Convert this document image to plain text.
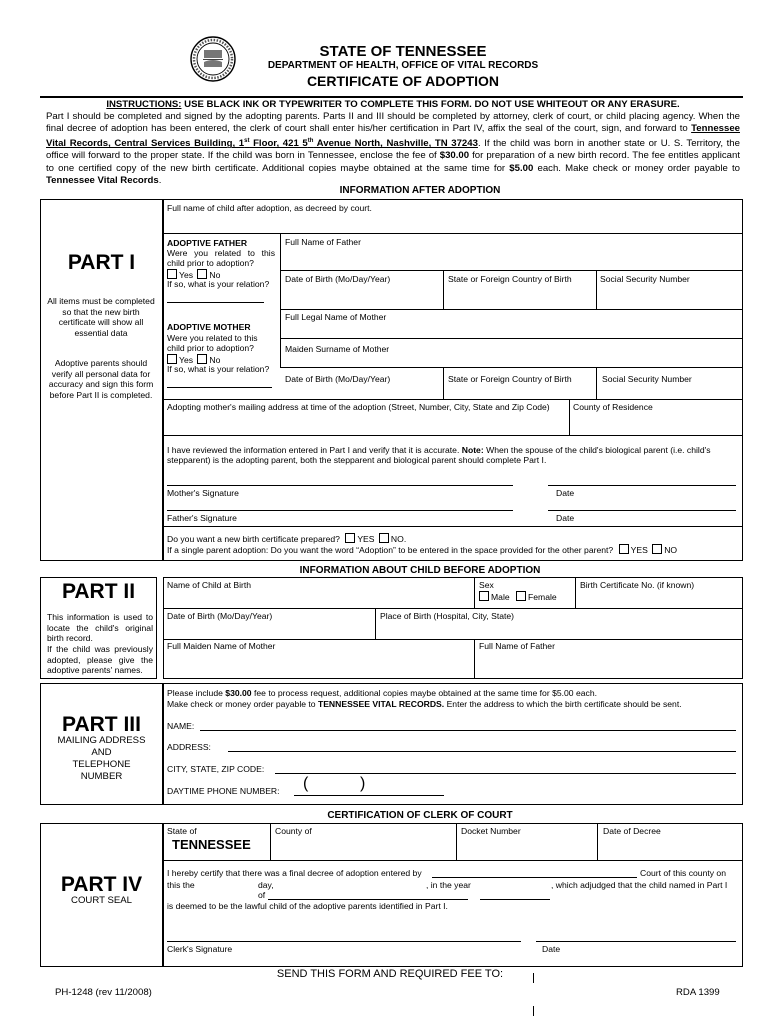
STATE OF TENNESSEE
DEPARTMENT OF HEALTH, OFFICE OF VITAL RECORDS
CERTIFICATE OF ADOPTION
INSTRUCTIONS: USE BLACK INK OR TYPEWRITER TO COMPLETE THIS FORM. DO NOT USE WHITEOUT OR ANY ERASURE.
Part I should be completed and signed by the adopting parents. Parts II and III should be completed by attorney, clerk of court, or child placing agency. When the final decree of adoption has been entered, the clerk of court shall enter his/her certification in Part IV, affix the seal of the court, sign, and forward to Tennessee Vital Records, Central Services Building, 1st Floor, 421 5th Avenue North, Nashville, TN 37243. If the child was born in another state or U. S. Territory, the office will forward to the proper state. If the child was born in Tennessee, enclose the fee of $30.00 for preparation of a new birth record. The fee entitles applicant to one certified copy of the new birth certificate. Additional copies maybe obtained at the same time for $5.00 each. Make check or money order payable to Tennessee Vital Records.
INFORMATION AFTER ADOPTION
PART I
All items must be completed so that the new birth certificate will show all essential data
Adoptive parents should verify all personal data for accuracy and sign this form before Part II is completed.
Full name of child after adoption, as decreed by court.
ADOPTIVE FATHER
Were you related to this child prior to adoption?
Yes No
If so, what is your relation?
Full Name of Father
Date of Birth (Mo/Day/Year)	State or Foreign Country of Birth	Social Security Number
Full Legal Name of Mother
ADOPTIVE MOTHER
Were you related to this child prior to adoption?	Maiden Surname of Mother
Yes No
If so, what is your relation?
Date of Birth (Mo/Day/Year)	State or Foreign Country of Birth	Social Security Number
Adopting mother's mailing address at time of the adoption (Street, Number, City, State and Zip Code)	County of Residence
I have reviewed the information entered in Part I and verify that it is accurate. Note: When the spouse of the child's biological parent (i.e. child's stepparent) is the adopting parent, both the stepparent and biological parent should complete Part I.
Mother's Signature	Date
Father's Signature	Date
Do you want a new birth certificate prepared? YES NO.
If a single parent adoption: Do you want the word “Adoption” to be entered in the space provided for the other parent? YES NO
INFORMATION ABOUT CHILD BEFORE ADOPTION
PART II
This information is used to locate the child's original birth record.
If the child was previously adopted, please give the adoptive parents' names.
Name of Child at Birth	Sex
Male Female
Birth Certificate No. (if known)
Date of Birth (Mo/Day/Year)	Place of Birth (Hospital, City, State)
Full Maiden Name of Mother	Full Name of Father
PART III
MAILING ADDRESS
AND
TELEPHONE
NUMBER
Please include $30.00 fee to process request, additional copies maybe obtained at the same time for $5.00 each.
Make check or money order payable to TENNESSEE VITAL RECORDS. Enter the address to which the birth certificate should be sent.
NAME:
ADDRESS:
CITY, STATE, ZIP CODE:
DAYTIME PHONE NUMBER: (	)
CERTIFICATION OF CLERK OF COURT
PART IV
COURT SEAL
State of
TENNESSEE
County of	Docket Number	Date of Decree
I hereby certify that there was a final decree of adoption entered by	Court of this county on
this the	day,	, in the year	, which adjudged that the child named in Part I
of
is deemed to be the lawful child of the adoptive parents identified in Part I.
Clerk's Signature	Date
SEND THIS FORM AND REQUIRED FEE TO:
PH-1248 (rev 11/2008)	RDA 1399
